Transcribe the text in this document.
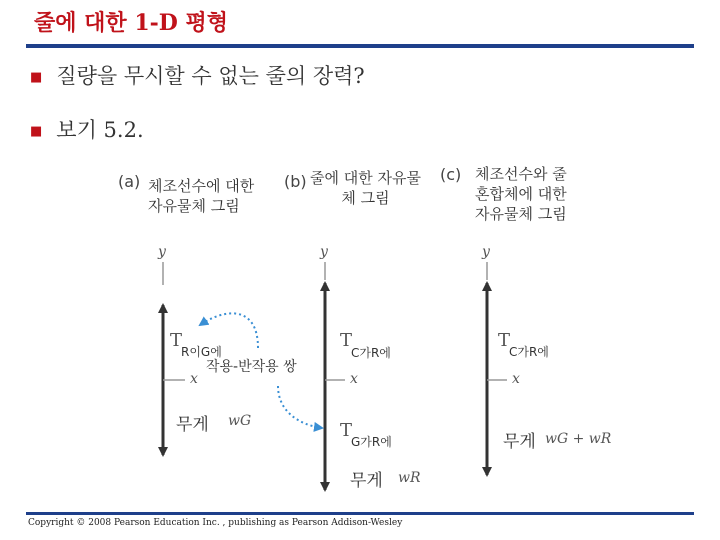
줄에 대한 1-D 평형
■ 질량을 무시할 수 없는 줄의 장력?
■ 보기 5.2.
(a) 체조선수에 대한
자유물체 그림
(b) 줄에 대한 자유물
체 그림
(c) 체조선수와 줄
혼합체에 대한
자유물체 그림
y
x
y
x
y
x
T
R이G에
무게 wG
작용-반작용 쌍
T
C가R에
T
G가R에
무게 wR
T
C가R에
무게 wG + wR
Copyright © 2008 Pearson Education Inc. , publishing as Pearson Addison-Wesley
